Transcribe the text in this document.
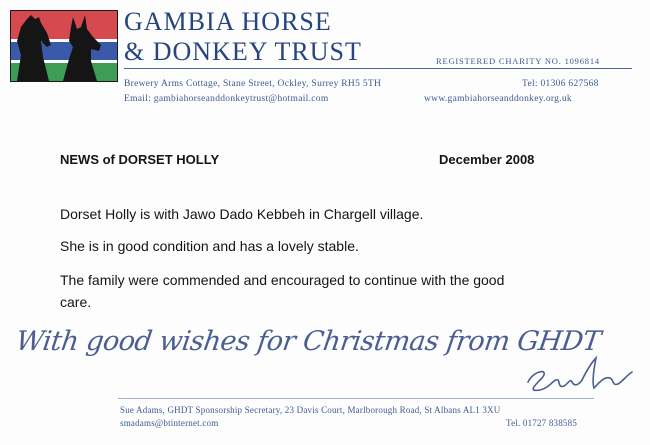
GAMBIA HORSE
& DONKEY TRUST	REGISTERED CHARITY NO. 1096814
Brewery Arms Cottage, Stane Street, Ockley, Surrey RH5 5TH	Tel: 01306 627568
Email: gambiahorseanddonkeytrust@hotmail.com	www.gambiahorseanddonkey.org.uk
NEWS of DORSET HOLLY	December 2008
Dorset Holly is with Jawo Dado Kebbeh in Chargell village.
She is in good condition and has a lovely stable.
The family were commended and encouraged to continue with the good
care.
With good wishes for Christmas from GHDT
Sue Adams, GHDT Sponsorship Secretary, 23 Davis Court, Marlborough Road, St Albans AL1 3XU
smadams@btinternet.com	Tel. 01727 838585
